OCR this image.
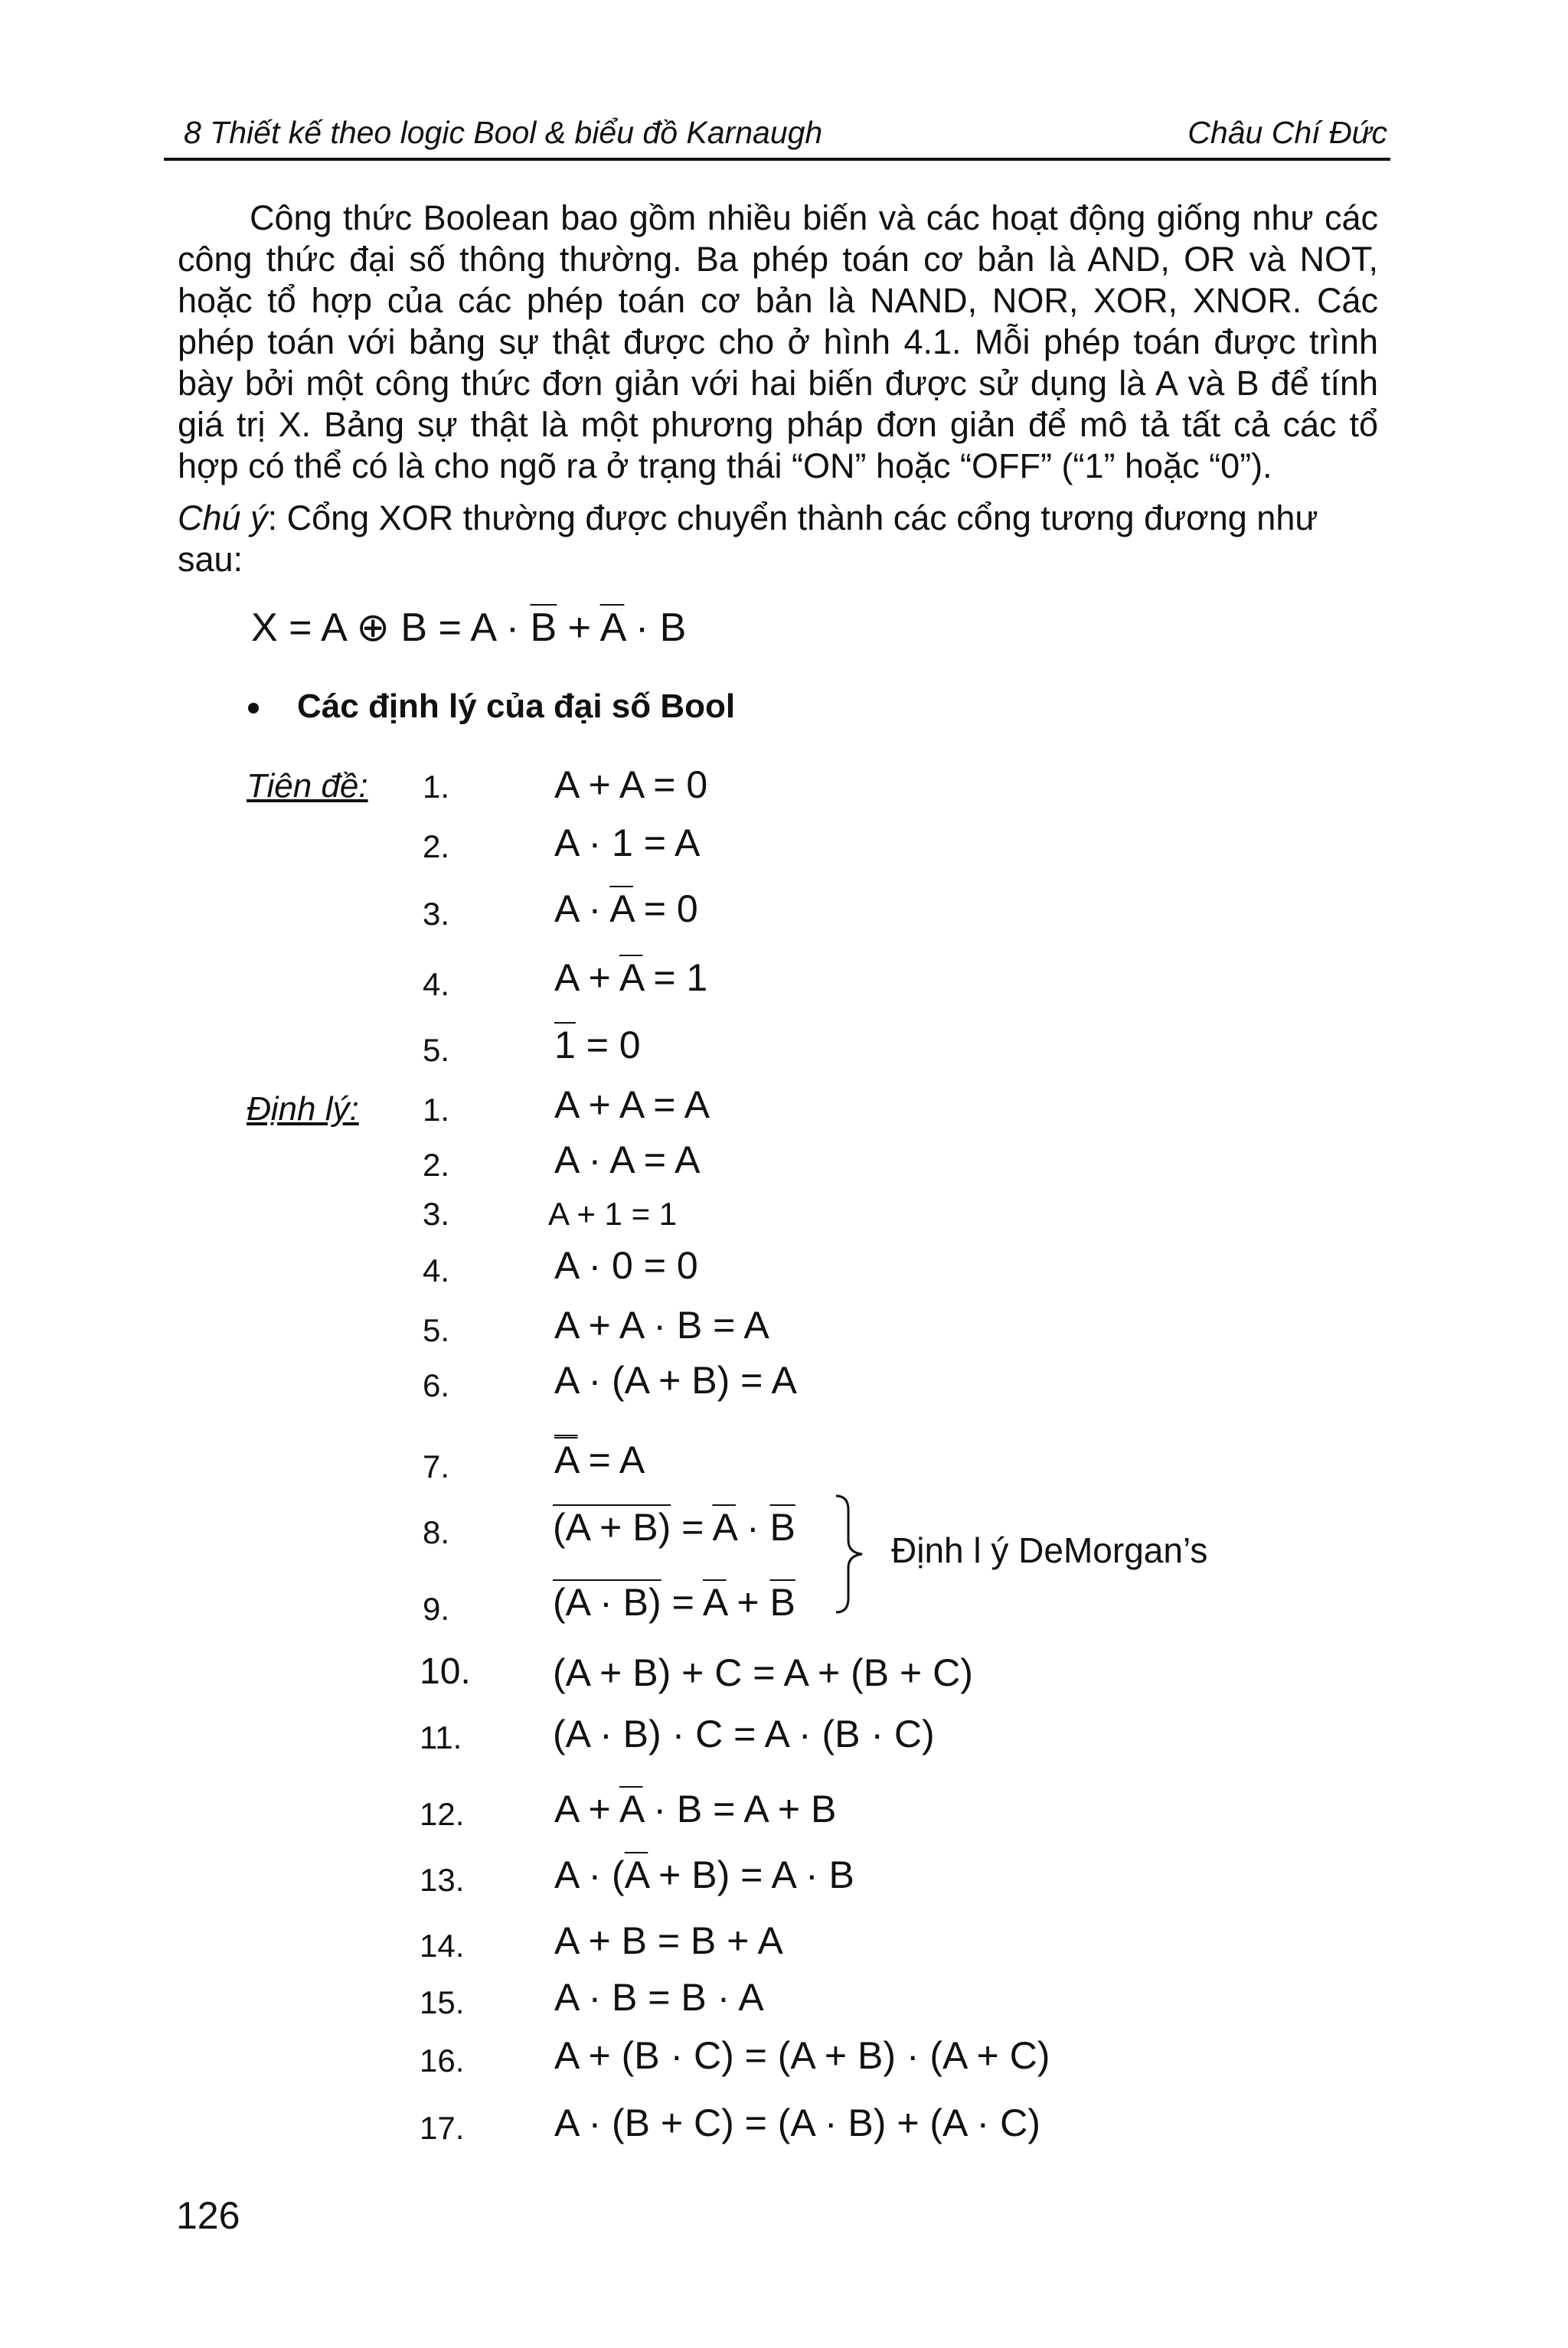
8 Thiết kế theo logic Bool & biểu đồ Karnaugh	Châu Chí Đức
Công thức Boolean bao gồm nhiều biến và các hoạt động giống như các công thức đại số thông thường. Ba phép toán cơ bản là AND, OR và NOT, hoặc tổ hợp của các phép toán cơ bản là NAND, NOR, XOR, XNOR. Các phép toán với bảng sự thật được cho ở hình 4.1. Mỗi phép toán được trình bày bởi một công thức đơn giản với hai biến được sử dụng là A và B để tính giá trị X. Bảng sự thật là một phương pháp đơn giản để mô tả tất cả các tổ hợp có thể có là cho ngõ ra ở trạng thái “ON” hoặc “OFF” (“1” hoặc “0”).
Chú ý: Cổng XOR thường được chuyển thành các cổng tương đương như sau:
X = A ⊕ $B = A \cdot \overline{B} + \overline{A} \cdot B$
Các định lý của đại số Bool
Tiên đề: 1.	A + A = 0
2.	A · 1 = A
3.	$A \cdot \overline{A} = 0$
4.	$A + \overline{A} = 1$
5.	1 = 0
Định lý: 1.	A + A = A
2.	A · A = A
3.	A + 1 = 1
4.	A · 0 = 0
5.	A + A · B = A
6.	A · (A + B) = A
7.	A = A
8.	$(A + B) = \overline{A} \cdot \overline{B}$
9.	$(A \cdot B) = \overline{A} + \overline{B}$
Định l ý DeMorgan’s
10. (A + B) + C = A + (B + C)
11. (A · B) · C = A · (B · C)
12. $A + \overline{A} \cdot B = A + B$
13. $A \cdot (\overline{A} + B) = A \cdot B$
14. A + B = B + A
15. A · B = B · A
16. A + (B · C) = (A + B) · (A + C)
17. A · (B + C) = (A · B) + (A · C)
126
